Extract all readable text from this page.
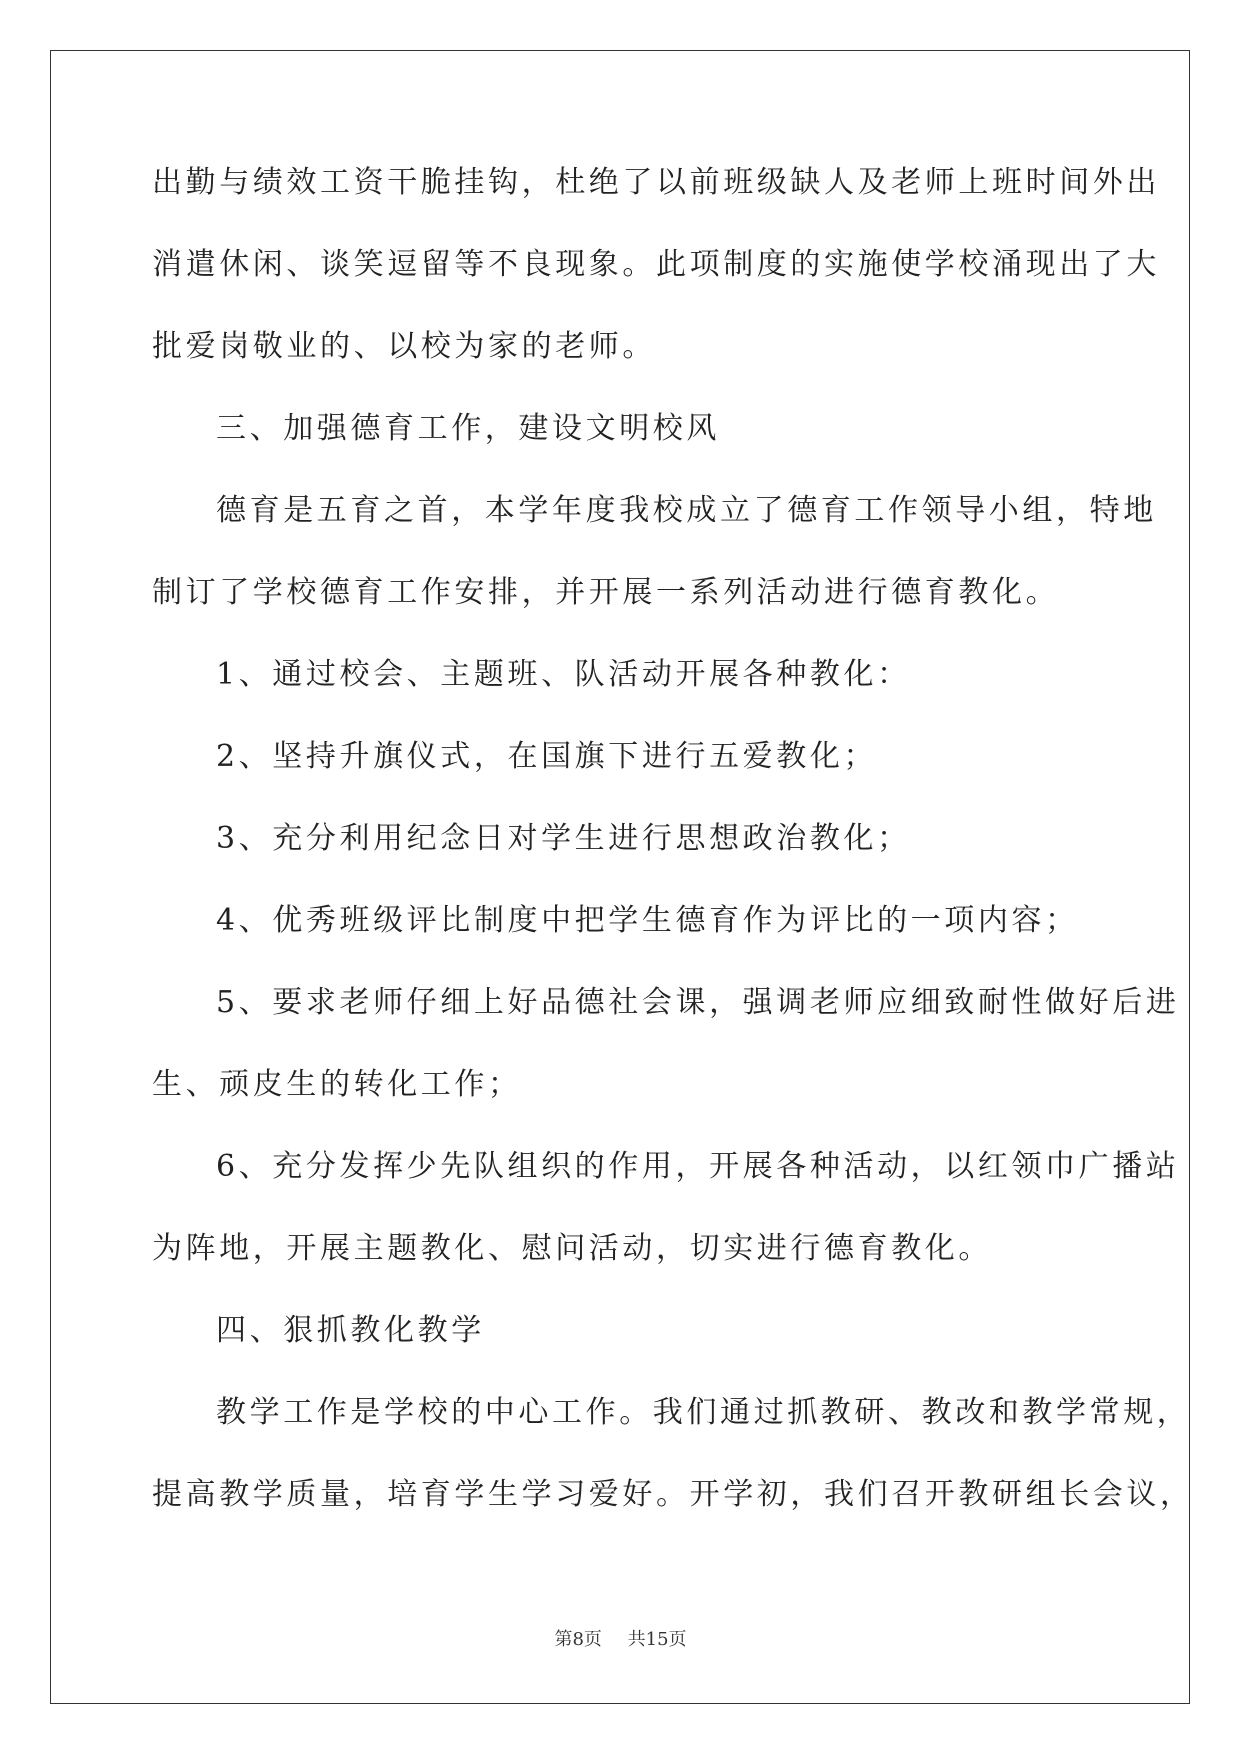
出勤与绩效工资干脆挂钩，杜绝了以前班级缺人及老师上班时间外出
消遣休闲、谈笑逗留等不良现象。此项制度的实施使学校涌现出了大
批爱岗敬业的、以校为家的老师。
三、加强德育工作，建设文明校风
德育是五育之首，本学年度我校成立了德育工作领导小组，特地
制订了学校德育工作安排，并开展一系列活动进行德育教化。
1、通过校会、主题班、队活动开展各种教化：
2、坚持升旗仪式，在国旗下进行五爱教化；
3、充分利用纪念日对学生进行思想政治教化；
4、优秀班级评比制度中把学生德育作为评比的一项内容；
5、要求老师仔细上好品德社会课，强调老师应细致耐性做好后进
生、顽皮生的转化工作；
6、充分发挥少先队组织的作用，开展各种活动，以红领巾广播站
为阵地，开展主题教化、慰问活动，切实进行德育教化。
四、狠抓教化教学
教学工作是学校的中心工作。我们通过抓教研、教改和教学常规，
提高教学质量，培育学生学习爱好。开学初，我们召开教研组长会议，
第8页 共15页
